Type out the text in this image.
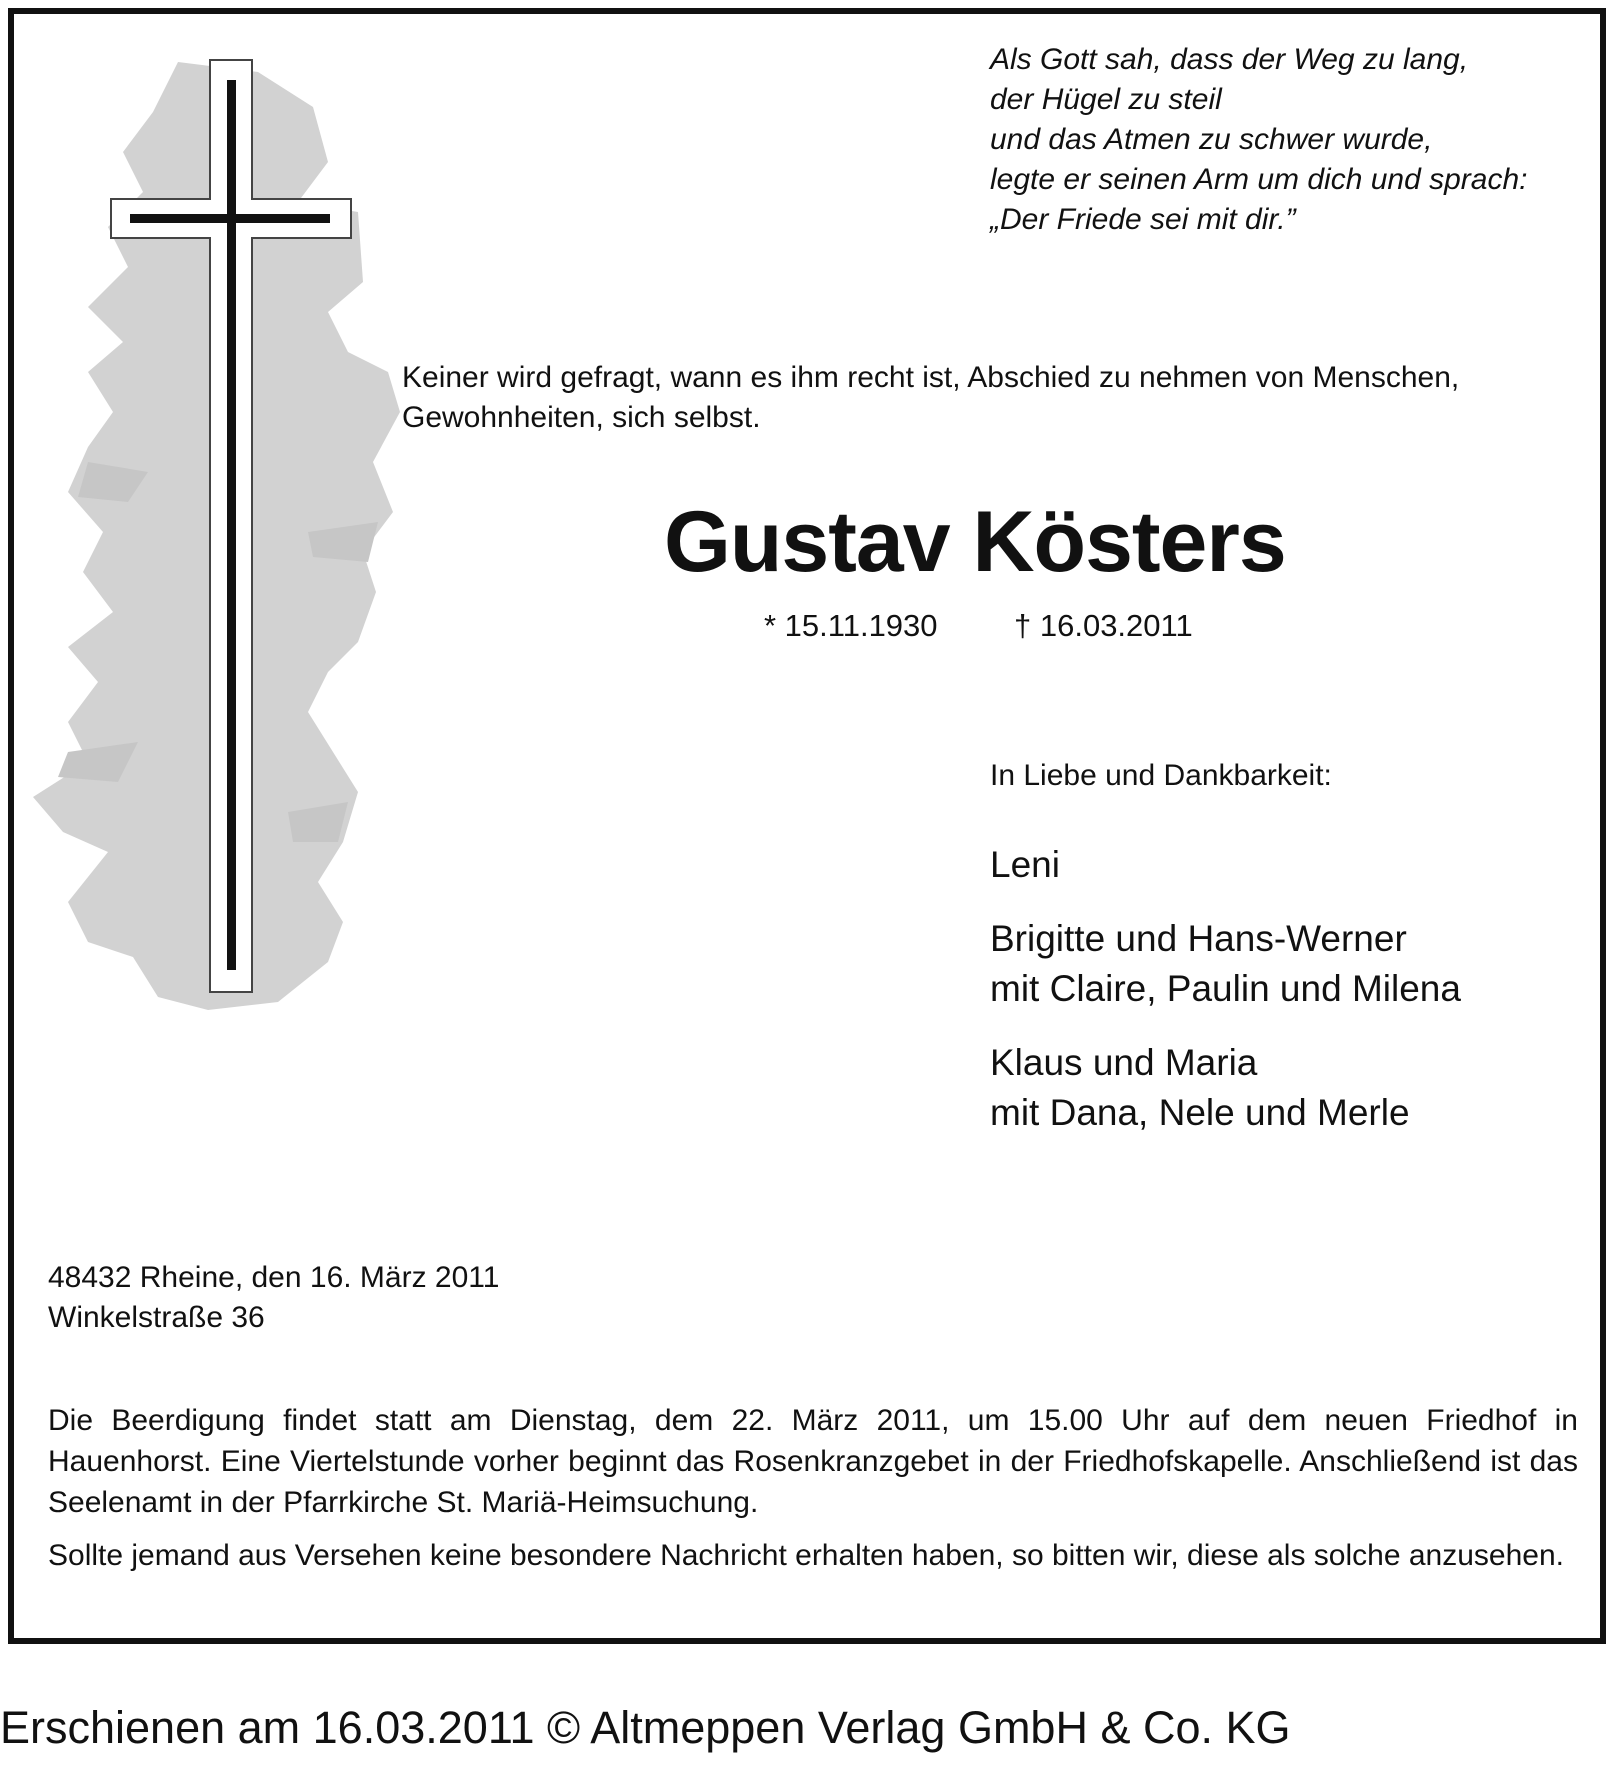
Als Gott sah, dass der Weg zu lang,
der Hügel zu steil
und das Atmen zu schwer wurde,
legte er seinen Arm um dich und sprach:
„Der Friede sei mit dir.”
Keiner wird gefragt, wann es ihm recht ist, Abschied zu nehmen von Menschen,
Gewohnheiten, sich selbst.
Gustav Kösters
* 15.11.1930 † 16.03.2011
In Liebe und Dankbarkeit:
Leni
Brigitte und Hans-Werner
mit Claire, Paulin und Milena
Klaus und Maria
mit Dana, Nele und Merle
48432 Rheine, den 16. März 2011
Winkelstraße 36

Die Beerdigung findet statt am Dienstag, dem 22. März 2011, um 15.00 Uhr auf dem neuen Friedhof in Hauenhorst. Eine Viertelstunde vorher beginnt das Rosenkranzgebet in der Friedhofskapelle. Anschließend ist das Seelenamt in der Pfarrkirche St. Mariä-Heimsuchung.

Sollte jemand aus Versehen keine besondere Nachricht erhalten haben, so bitten wir, diese als solche anzusehen.

Erschienen am 16.03.2011 © Altmeppen Verlag GmbH & Co. KG
